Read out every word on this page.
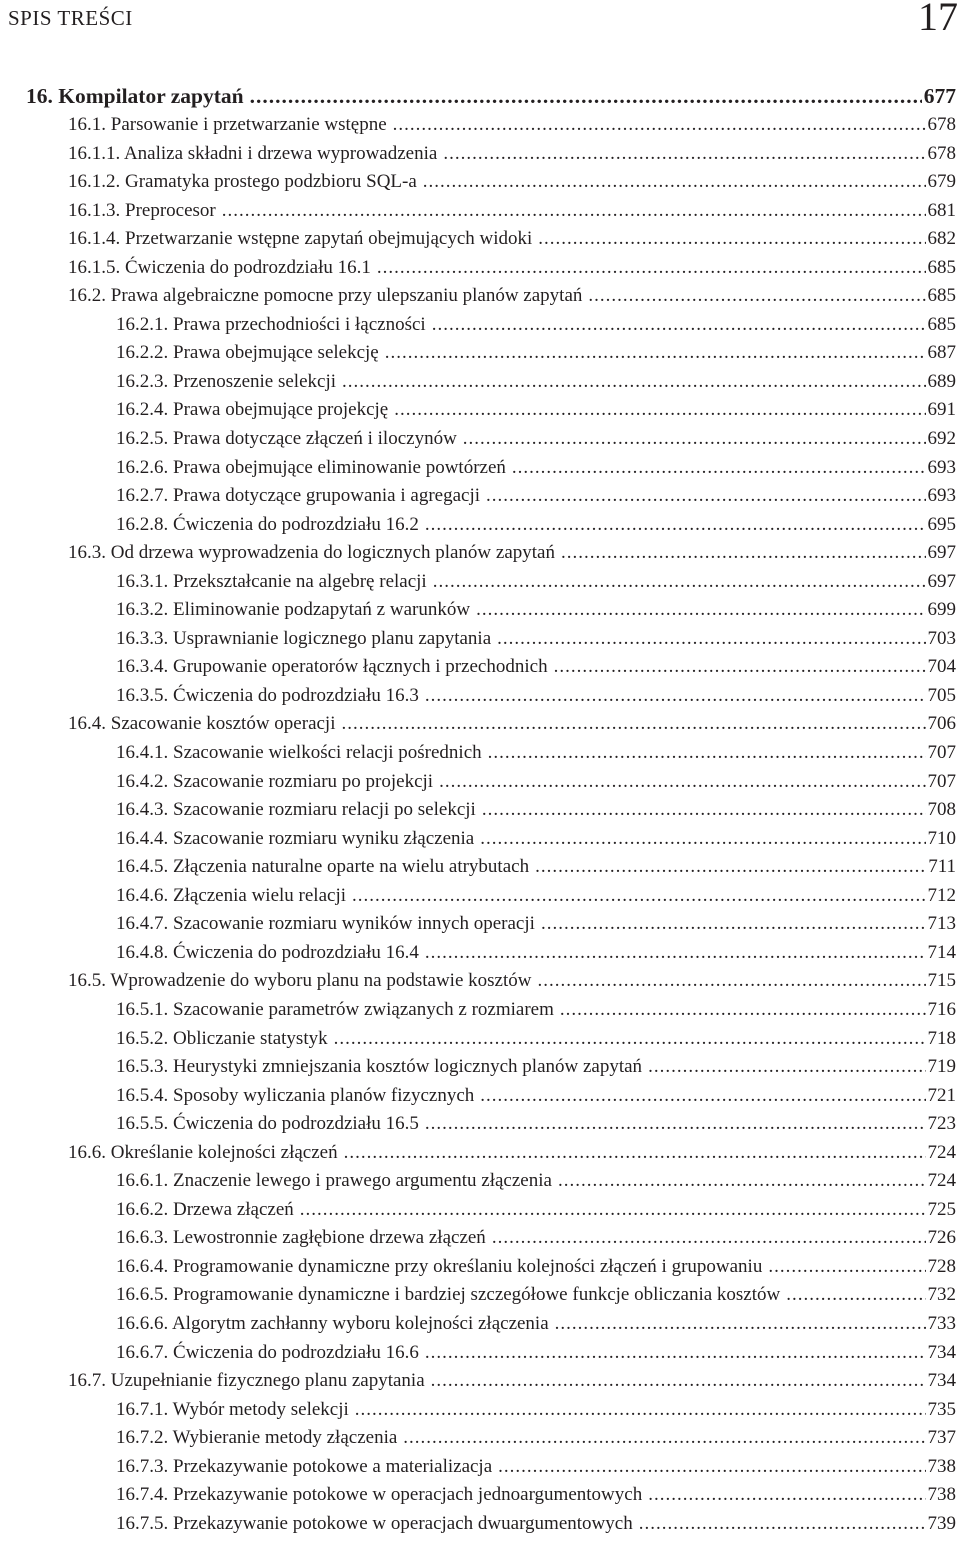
SPIS TREŚCI	17
16. Kompilator zapytań .....	677
16.1. Parsowanie i przetwarzanie wstępne .....	678
16.1.1. Analiza składni i drzewa wyprowadzenia .....	678
16.1.2. Gramatyka prostego podzbioru SQL-a .....	679
16.1.3. Preprocesor .....	681
16.1.4. Przetwarzanie wstępne zapytań obejmujących widoki .....	682
16.1.5. Ćwiczenia do podrozdziału 16.1 .....	685
16.2. Prawa algebraiczne pomocne przy ulepszaniu planów zapytań .....	685
16.2.1. Prawa przechodniości i łączności .....	685
16.2.2. Prawa obejmujące selekcję .....	687
16.2.3. Przenoszenie selekcji .....	689
16.2.4. Prawa obejmujące projekcję .....	691
16.2.5. Prawa dotyczące złączeń i iloczynów .....	692
16.2.6. Prawa obejmujące eliminowanie powtórzeń .....	693
16.2.7. Prawa dotyczące grupowania i agregacji .....	693
16.2.8. Ćwiczenia do podrozdziału 16.2 .....	695
16.3. Od drzewa wyprowadzenia do logicznych planów zapytań .....	697
16.3.1. Przekształcanie na algebrę relacji .....	697
16.3.2. Eliminowanie podzapytań z warunków .....	699
16.3.3. Usprawnianie logicznego planu zapytania .....	703
16.3.4. Grupowanie operatorów łącznych i przechodnich .....	704
16.3.5. Ćwiczenia do podrozdziału 16.3 .....	705
16.4. Szacowanie kosztów operacji .....	706
16.4.1. Szacowanie wielkości relacji pośrednich .....	707
16.4.2. Szacowanie rozmiaru po projekcji .....	707
16.4.3. Szacowanie rozmiaru relacji po selekcji .....	708
16.4.4. Szacowanie rozmiaru wyniku złączenia .....	710
16.4.5. Złączenia naturalne oparte na wielu atrybutach .....	711
16.4.6. Złączenia wielu relacji .....	712
16.4.7. Szacowanie rozmiaru wyników innych operacji .....	713
16.4.8. Ćwiczenia do podrozdziału 16.4 .....	714
16.5. Wprowadzenie do wyboru planu na podstawie kosztów .....	715
16.5.1. Szacowanie parametrów związanych z rozmiarem .....	716
16.5.2. Obliczanie statystyk .....	718
16.5.3. Heurystyki zmniejszania kosztów logicznych planów zapytań .....	719
16.5.4. Sposoby wyliczania planów fizycznych .....	721
16.5.5. Ćwiczenia do podrozdziału 16.5 .....	723
16.6. Określanie kolejności złączeń .....	724
16.6.1. Znaczenie lewego i prawego argumentu złączenia .....	724
16.6.2. Drzewa złączeń .....	725
16.6.3. Lewostronnie zagłębione drzewa złączeń .....	726
16.6.4. Programowanie dynamiczne przy określaniu kolejności złączeń i grupowaniu .....	728
16.6.5. Programowanie dynamiczne i bardziej szczegółowe funkcje obliczania kosztów .....	732
16.6.6. Algorytm zachłanny wyboru kolejności złączenia .....	733
16.6.7. Ćwiczenia do podrozdziału 16.6 .....	734
16.7. Uzupełnianie fizycznego planu zapytania .....	734
16.7.1. Wybór metody selekcji .....	735
16.7.2. Wybieranie metody złączenia .....	737
16.7.3. Przekazywanie potokowe a materializacja .....	738
16.7.4. Przekazywanie potokowe w operacjach jednoargumentowych .....	738
16.7.5. Przekazywanie potokowe w operacjach dwuargumentowych .....	739
